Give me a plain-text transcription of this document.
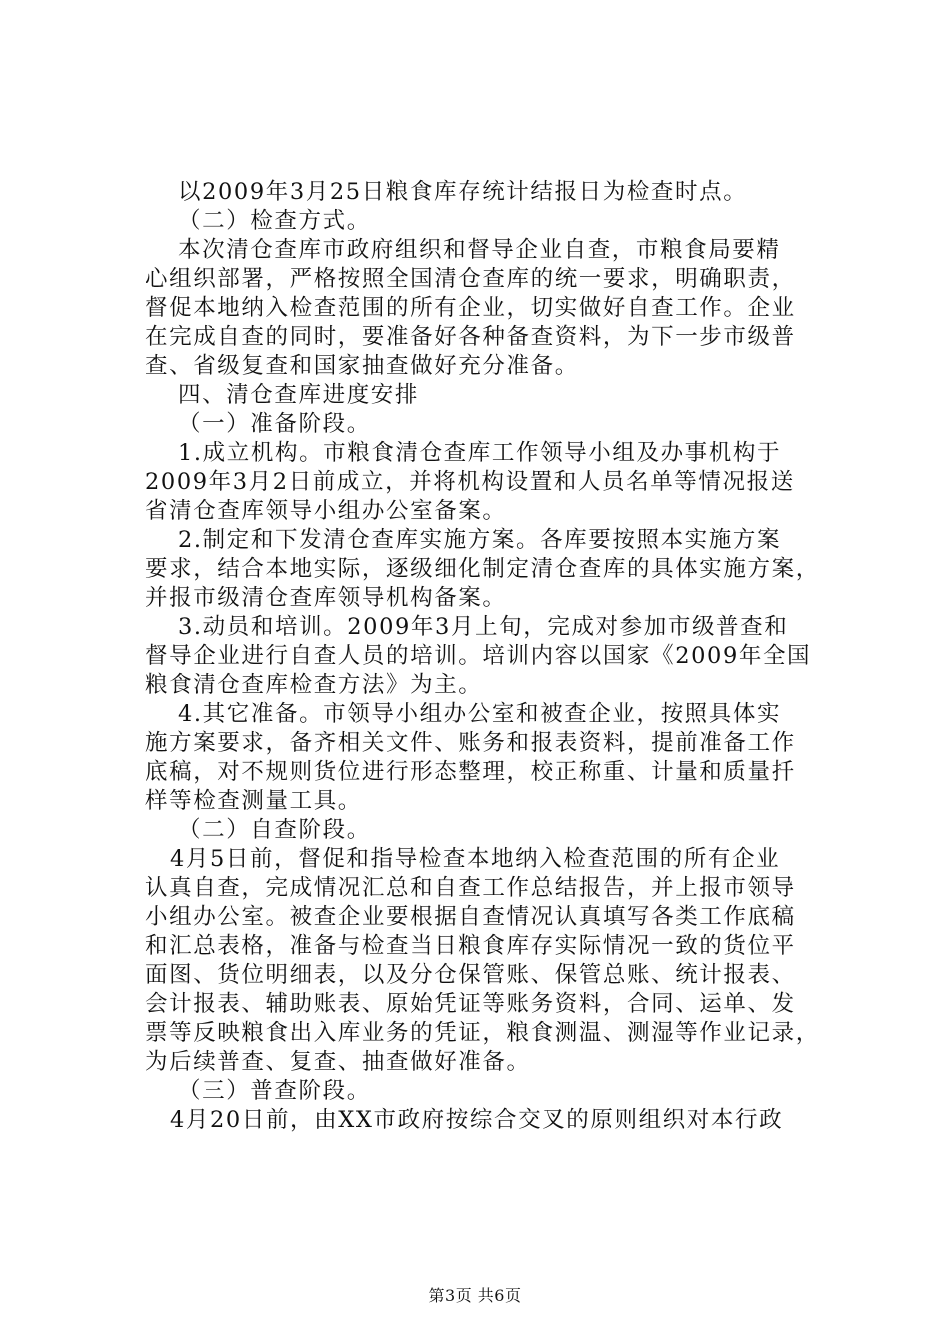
以2009年3月25日粮食库存统计结报日为检查时点。
（二）检查方式。
本次清仓查库市政府组织和督导企业自查，市粮食局要精
心组织部署，严格按照全国清仓查库的统一要求，明确职责，
督促本地纳入检查范围的所有企业，切实做好自查工作。企业
在完成自查的同时，要准备好各种备查资料，为下一步市级普
查、省级复查和国家抽查做好充分准备。
四、清仓查库进度安排
（一）准备阶段。
1.成立机构。市粮食清仓查库工作领导小组及办事机构于
2009年3月2日前成立，并将机构设置和人员名单等情况报送
省清仓查库领导小组办公室备案。
2.制定和下发清仓查库实施方案。各库要按照本实施方案
要求，结合本地实际，逐级细化制定清仓查库的具体实施方案，
并报市级清仓查库领导机构备案。
3.动员和培训。2009年3月上旬，完成对参加市级普查和
督导企业进行自查人员的培训。培训内容以国家《2009年全国
粮食清仓查库检查方法》为主。
4.其它准备。市领导小组办公室和被查企业，按照具体实
施方案要求，备齐相关文件、账务和报表资料，提前准备工作
底稿，对不规则货位进行形态整理，校正称重、计量和质量扦
样等检查测量工具。
（二）自查阶段。
4月5日前，督促和指导检查本地纳入检查范围的所有企业
认真自查，完成情况汇总和自查工作总结报告，并上报市领导
小组办公室。被查企业要根据自查情况认真填写各类工作底稿
和汇总表格，准备与检查当日粮食库存实际情况一致的货位平
面图、货位明细表，以及分仓保管账、保管总账、统计报表、
会计报表、辅助账表、原始凭证等账务资料，合同、运单、发
票等反映粮食出入库业务的凭证，粮食测温、测湿等作业记录，
为后续普查、复查、抽查做好准备。
（三）普查阶段。
4月20日前，由XX市政府按综合交叉的原则组织对本行政
第3页 共6页
